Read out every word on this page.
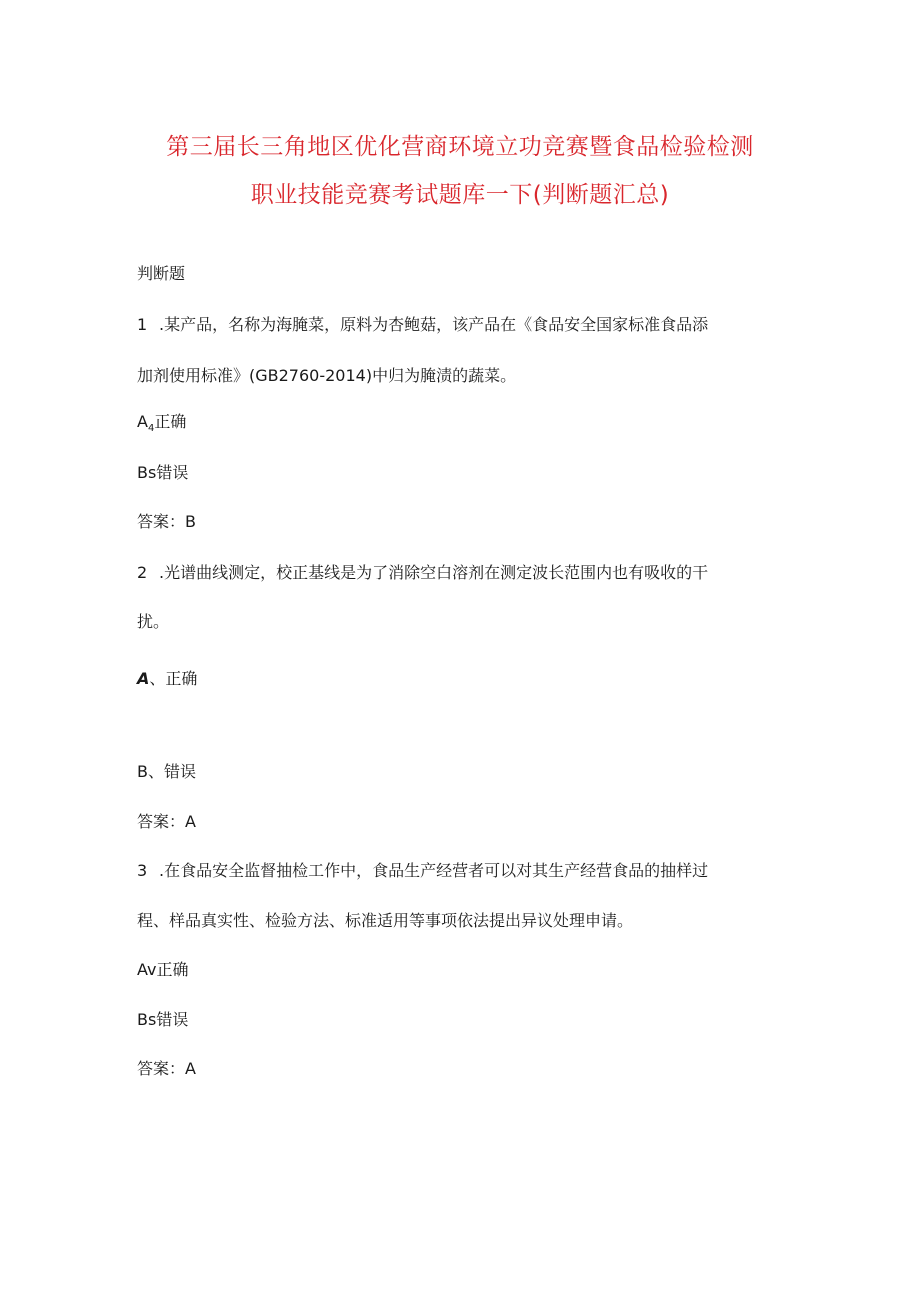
第三届长三角地区优化营商环境立功竞赛暨食品检验检测
职业技能竞赛考试题库一下(判断题汇总)
判断题
1 .某产品，名称为海腌菜，原料为杏鲍菇，该产品在《食品安全国家标准食品添
加剂使用标准》(GB2760-2014)中归为腌渍的蔬菜。
$A_4$正确
Bs错误
答案：B
2 .光谱曲线测定，校正基线是为了消除空白溶剂在测定波长范围内也有吸收的干
扰。
A、正确
B、错误
答案：A
3 .在食品安全监督抽检工作中，食品生产经营者可以对其生产经营食品的抽样过
程、样品真实性、检验方法、标准适用等事项依法提出异议处理申请。
Av正确
Bs错误
答案：A
